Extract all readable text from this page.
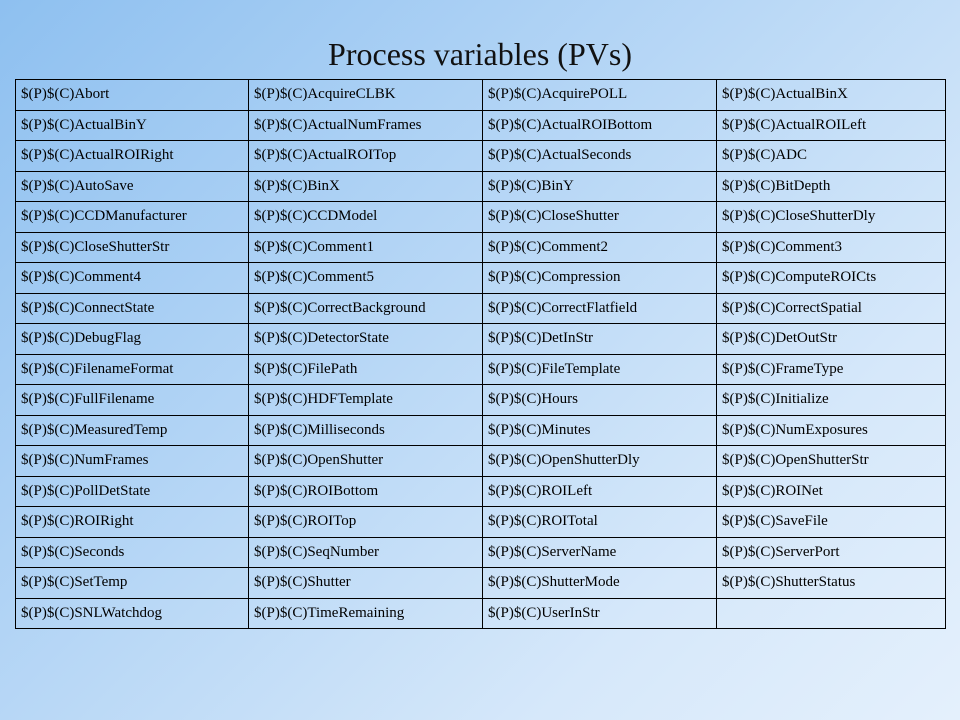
Process variables (PVs)
$(P)$(C)Abort	$(P)$(C)AcquireCLBK	$(P)$(C)AcquirePOLL	$(P)$(C)ActualBinX
$(P)$(C)ActualBinY	$(P)$(C)ActualNumFrames	$(P)$(C)ActualROIBottom	$(P)$(C)ActualROILeft
$(P)$(C)ActualROIRight	$(P)$(C)ActualROITop	$(P)$(C)ActualSeconds	$(P)$(C)ADC
$(P)$(C)AutoSave	$(P)$(C)BinX	$(P)$(C)BinY	$(P)$(C)BitDepth
$(P)$(C)CCDManufacturer	$(P)$(C)CCDModel	$(P)$(C)CloseShutter	$(P)$(C)CloseShutterDly
$(P)$(C)CloseShutterStr	$(P)$(C)Comment1	$(P)$(C)Comment2	$(P)$(C)Comment3
$(P)$(C)Comment4	$(P)$(C)Comment5	$(P)$(C)Compression	$(P)$(C)ComputeROICts
$(P)$(C)ConnectState	$(P)$(C)CorrectBackground	$(P)$(C)CorrectFlatfield	$(P)$(C)CorrectSpatial
$(P)$(C)DebugFlag	$(P)$(C)DetectorState	$(P)$(C)DetInStr	$(P)$(C)DetOutStr
$(P)$(C)FilenameFormat	$(P)$(C)FilePath	$(P)$(C)FileTemplate	$(P)$(C)FrameType
$(P)$(C)FullFilename	$(P)$(C)HDFTemplate	$(P)$(C)Hours	$(P)$(C)Initialize
$(P)$(C)MeasuredTemp	$(P)$(C)Milliseconds	$(P)$(C)Minutes	$(P)$(C)NumExposures
$(P)$(C)NumFrames	$(P)$(C)OpenShutter	$(P)$(C)OpenShutterDly	$(P)$(C)OpenShutterStr
$(P)$(C)PollDetState	$(P)$(C)ROIBottom	$(P)$(C)ROILeft	$(P)$(C)ROINet
$(P)$(C)ROIRight	$(P)$(C)ROITop	$(P)$(C)ROITotal	$(P)$(C)SaveFile
$(P)$(C)Seconds	$(P)$(C)SeqNumber	$(P)$(C)ServerName	$(P)$(C)ServerPort
$(P)$(C)SetTemp	$(P)$(C)Shutter	$(P)$(C)ShutterMode	$(P)$(C)ShutterStatus
$(P)$(C)SNLWatchdog	$(P)$(C)TimeRemaining	$(P)$(C)UserInStr	
